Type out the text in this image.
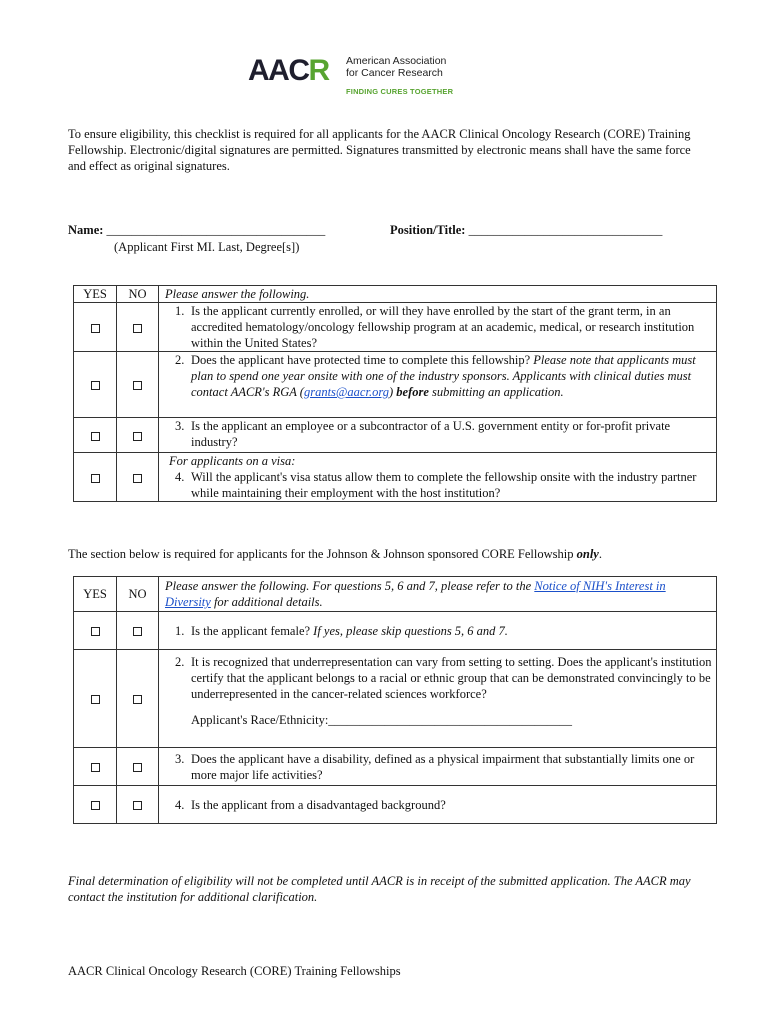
AACR American Association
for Cancer Research
FINDING CURES TOGETHER
To ensure eligibility, this checklist is required for all applicants for the AACR Clinical Oncology Research (CORE) Training Fellowship. Electronic/digital signatures are permitted. Signatures transmitted by electronic means shall have the same force and effect as original signatures.
Name: ___________________________________	Position/Title: _______________________________
(Applicant First MI. Last, Degree[s])
YES	NO	Please answer the following.

		1. Is the applicant currently enrolled, or will they have enrolled by the start of the grant term, in an accredited hematology/oncology fellowship program at an academic, medical, or research institution within the United States?

		2. Does the applicant have protected time to complete this fellowship? Please note that applicants must plan to spend one year onsite with one of the industry sponsors. Applicants with clinical duties must contact AACR's RGA (grants@aacr.org) before submitting an application.

		3. Is the applicant an employee or a subcontractor of a U.S. government entity or for-profit private industry?

		For applicants on a visa:
4. Will the applicant's visa status allow them to complete the fellowship onsite with the industry partner while maintaining their employment with the host institution?
The section below is required for applicants for the Johnson & Johnson sponsored CORE Fellowship only.
YES	NO	Please answer the following. For questions 5, 6 and 7, please refer to the Notice of NIH's Interest in Diversity for additional details.

		1. Is the applicant female? If yes, please skip questions 5, 6 and 7.

		2. It is recognized that underrepresentation can vary from setting to setting. Does the applicant's institution certify that the applicant belongs to a racial or ethnic group that can be demonstrated convincingly to be underrepresented in the cancer-related sciences workforce?
Applicant's Race/Ethnicity:_______________________________________

		3. Does the applicant have a disability, defined as a physical impairment that substantially limits one or more major life activities?

		4. Is the applicant from a disadvantaged background?
Final determination of eligibility will not be completed until AACR is in receipt of the submitted application. The AACR may contact the institution for additional clarification.
AACR Clinical Oncology Research (CORE) Training Fellowships
